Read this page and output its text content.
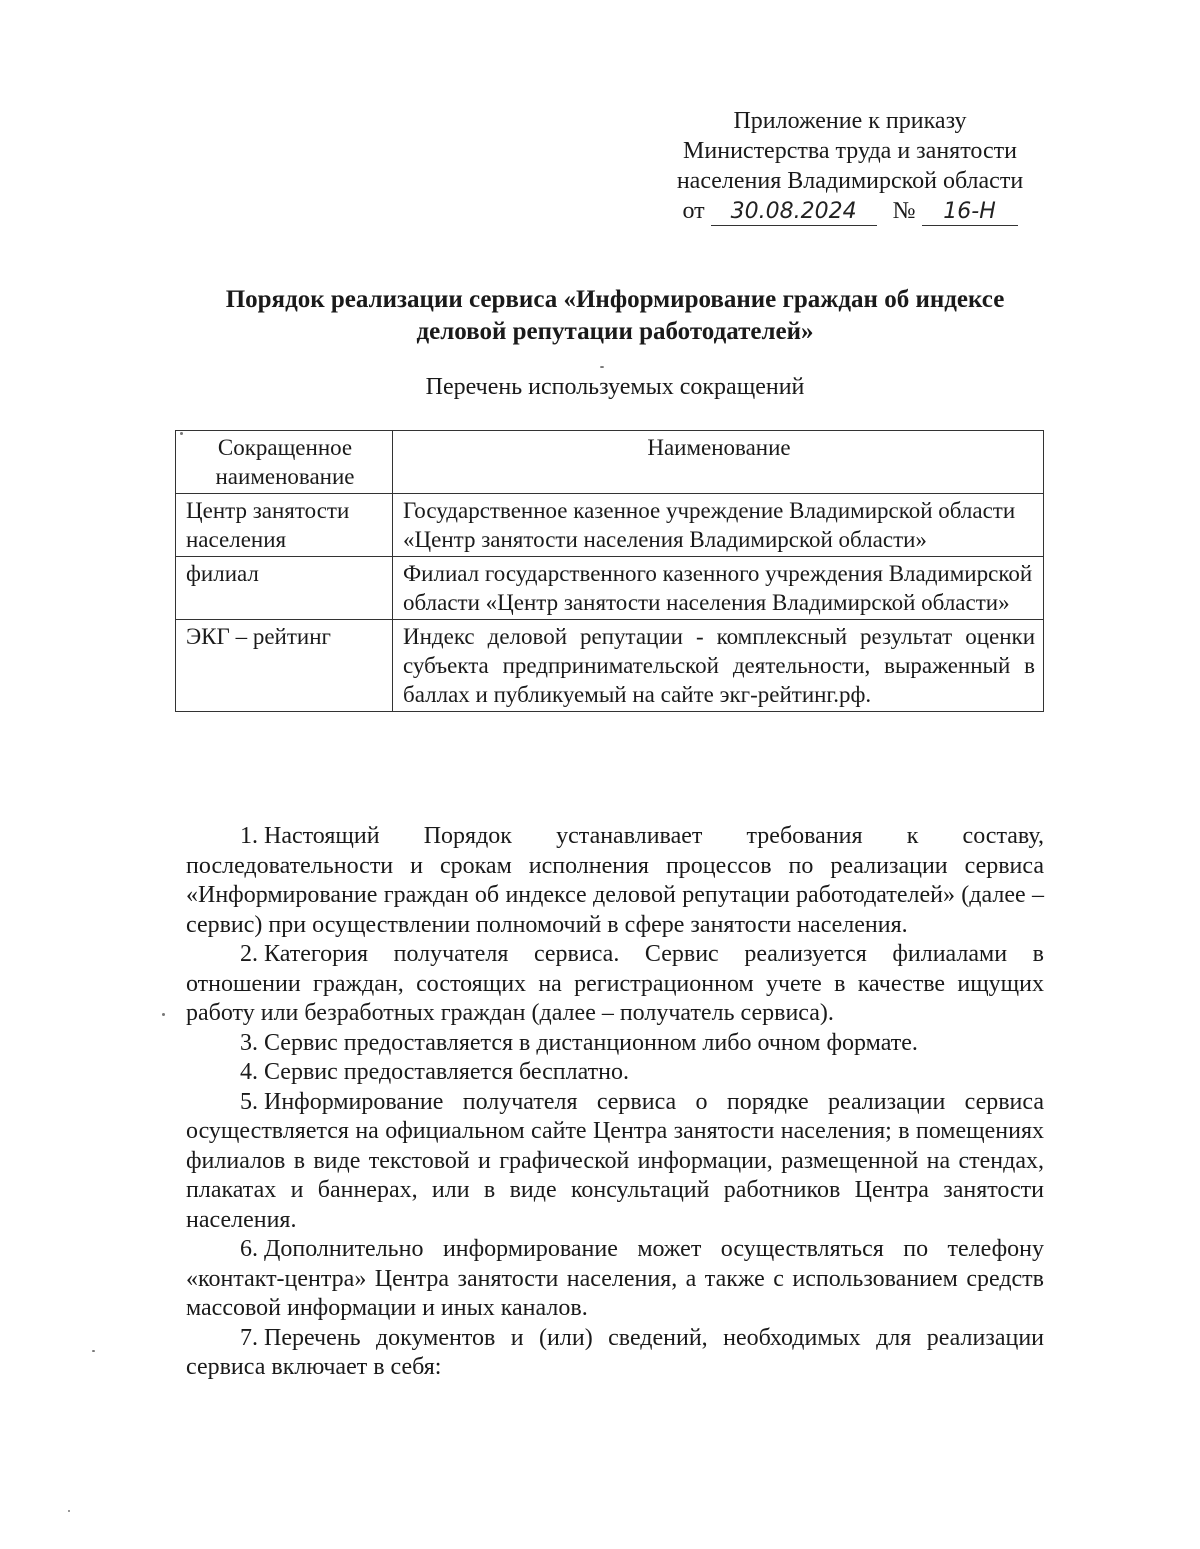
Приложение к приказу
Министерства труда и занятости
населения Владимирской области
от	30.08.2024	№	16-Н
Порядок реализации сервиса «Информирование граждан об индексе
деловой репутации работодателей»
Перечень используемых сокращений
Сокращенное наименование	Наименование
Центр занятости населения	Государственное казенное учреждение Владимирской области «Центр занятости населения Владимирской области»
филиал	Филиал государственного казенного учреждения Владимирской области «Центр занятости населения Владимирской области»
ЭКГ – рейтинг	Индекс деловой репутации - комплексный результат оценки субъекта предпринимательской деятельности, выраженный в баллах и публикуемый на сайте экг-рейтинг.рф.

1. Настоящий Порядок устанавливает требования к составу, последовательности и срокам исполнения процессов по реализации сервиса «Информирование граждан об индексе деловой репутации работодателей» (далее – сервис) при осуществлении полномочий в сфере занятости населения.

2. Категория получателя сервиса. Сервис реализуется филиалами в отношении граждан, состоящих на регистрационном учете в качестве ищущих работу или безработных граждан (далее – получатель сервиса).

3. Сервис предоставляется в дистанционном либо очном формате.

4. Сервис предоставляется бесплатно.

5. Информирование получателя сервиса о порядке реализации сервиса осуществляется на официальном сайте Центра занятости населения; в помещениях филиалов в виде текстовой и графической информации, размещенной на стендах, плакатах и баннерах, или в виде консультаций работников Центра занятости населения.

6. Дополнительно информирование может осуществляться по телефону «контакт-центра» Центра занятости населения, а также с использованием средств массовой информации и иных каналов.

7. Перечень документов и (или) сведений, необходимых для реализации сервиса включает в себя:
